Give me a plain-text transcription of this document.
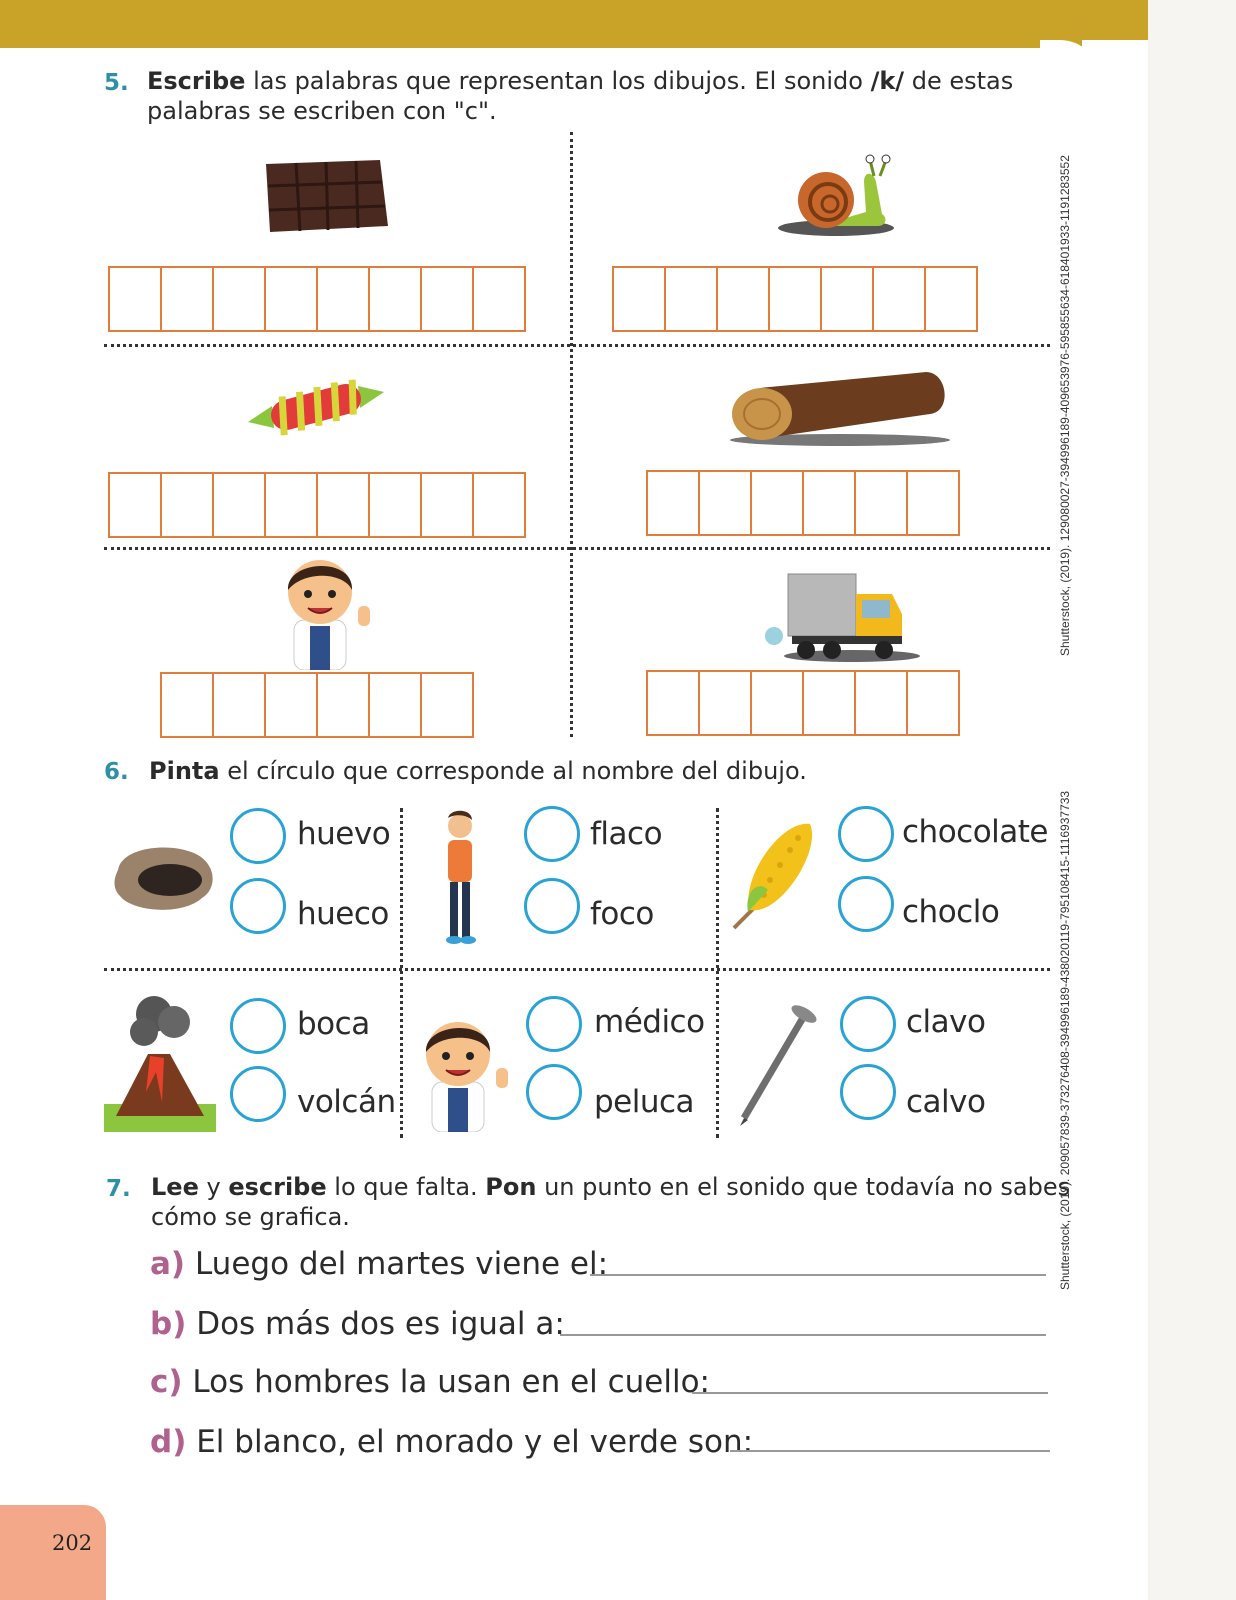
5. Escribe las palabras que representan los dibujos. El sonido /k/ de estas
palabras se escriben con "c".
6. Pinta el círculo que corresponde al nombre del dibujo.
huevo
hueco
flaco
foco
chocolate
choclo
boca
volcán
médico
peluca
clavo
calvo
7. Lee y escribe lo que falta. Pon un punto en el sonido que todavía no sabes
cómo se grafica.
a) Luego del martes viene el:
b) Dos más dos es igual a:
c) Los hombres la usan en el cuello:
d) El blanco, el morado y el verde son:
Shutterstock, (2019). 129080027-394996189-409653976-595855634-618401933-1191283552
Shutterstock, (2019). 209057839-373276408-394996189-438020119-795108415-1116937733
202
